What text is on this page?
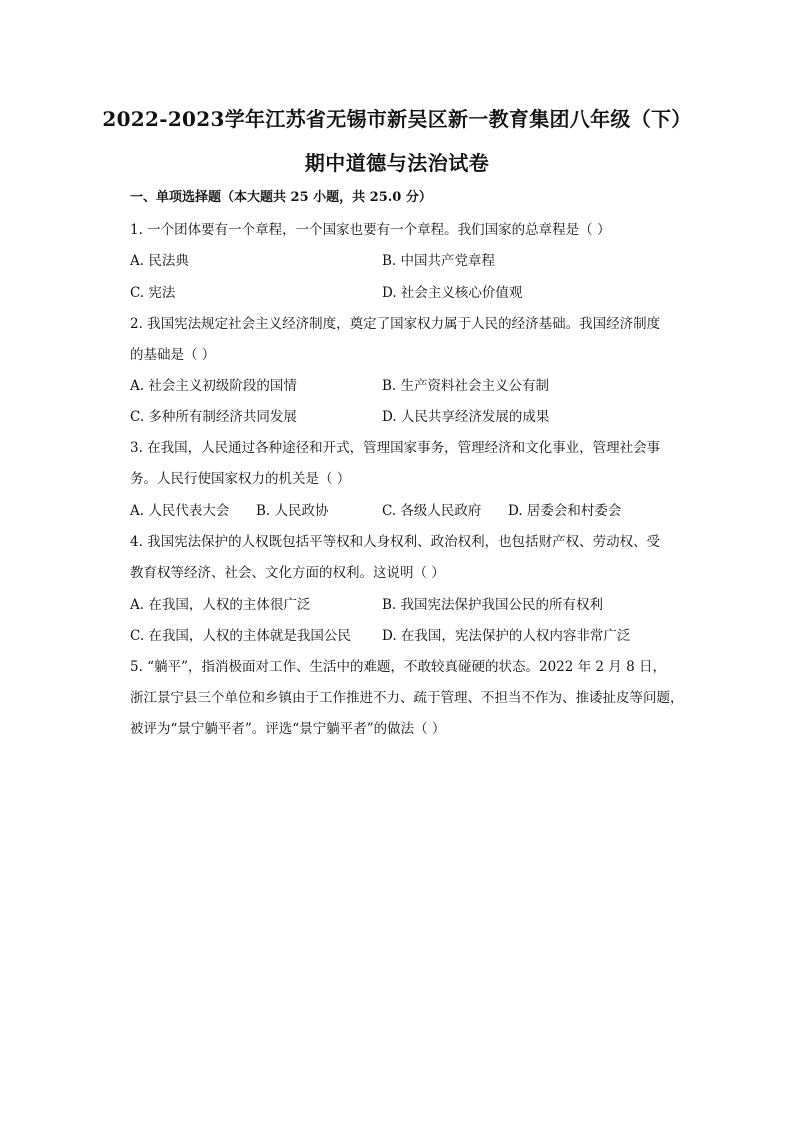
2022-2023学年江苏省无锡市新吴区新一教育集团八年级（下）
期中道德与法治试卷
一、单项选择题（本大题共 25 小题，共 25.0 分）
1. 一个团体要有一个章程，一个国家也要有一个章程。我们国家的总章程是（ ）
A. 民法典	B. 中国共产党章程
C. 宪法	D. 社会主义核心价值观
2. 我国宪法规定社会主义经济制度，奠定了国家权力属于人民的经济基础。我国经济制度
的基础是（ ）
A. 社会主义初级阶段的国情	B. 生产资料社会主义公有制
C. 多种所有制经济共同发展	D. 人民共享经济发展的成果
3. 在我国，人民通过各种途径和开式，管理国家事务，管理经济和文化事业，管理社会事
务。人民行使国家权力的机关是（ ）
A. 人民代表大会 B. 人民政协	C. 各级人民政府 D. 居委会和村委会
4. 我国宪法保护的人权既包括平等权和人身权利、政治权利，也包括财产权、劳动权、受
教育权等经济、社会、文化方面的权利。这说明（ ）
A. 在我国，人权的主体很广泛	B. 我国宪法保护我国公民的所有权利
C. 在我国，人权的主体就是我国公民 D. 在我国，宪法保护的人权内容非常广泛
5. “躺平”，指消极面对工作、生活中的难题，不敢较真碰硬的状态。2022 年 2 月 8 日，
浙江景宁县三个单位和乡镇由于工作推进不力、疏于管理、不担当不作为、推诿扯皮等问题，
被评为“景宁躺平者”。评选“景宁躺平者”的做法（ ）
